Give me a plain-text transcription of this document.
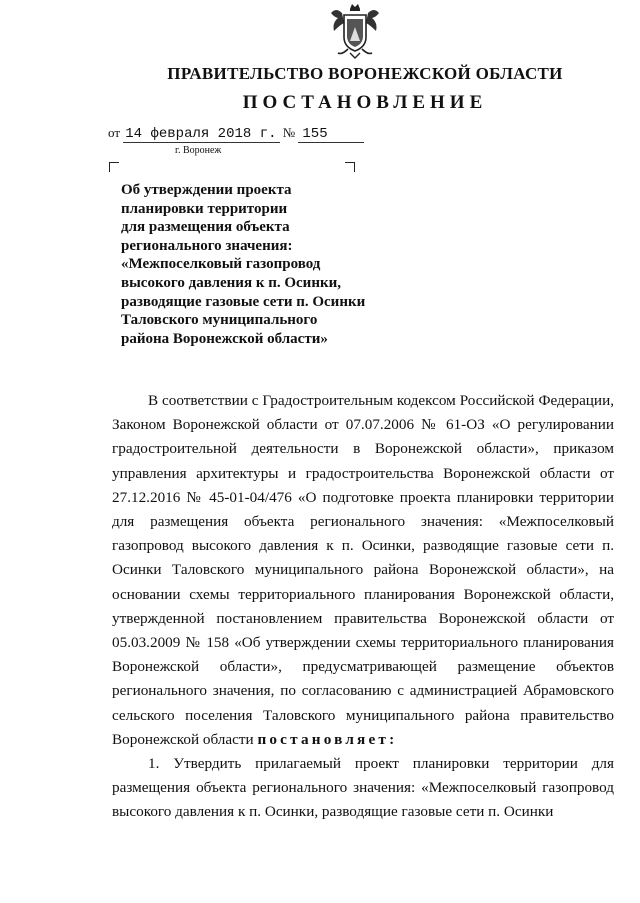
ПРАВИТЕЛЬСТВО ВОРОНЕЖСКОЙ ОБЛАСТИ
ПОСТАНОВЛЕНИЕ
от 14 февраля 2018 г. № 155
г. Воронеж
Об утверждении проекта
планировки территории
для размещения объекта
регионального значения:
«Межпоселковый газопровод
высокого давления к п. Осинки,
разводящие газовые сети п. Осинки
Таловского муниципального
района Воронежской области»

В соответствии с Градостроительным кодексом Российской Федерации, Законом Воронежской области от 07.07.2006 № 61-ОЗ «О регулировании градостроительной деятельности в Воронежской области», приказом управления архитектуры и градостроительства Воронежской области от 27.12.2016 № 45-01-04/476 «О подготовке проекта планировки территории для размещения объекта регионального значения: «Межпоселковый газопровод высокого давления к п. Осинки, разводящие газовые сети п. Осинки Таловского муниципального района Воронежской области», на основании схемы территориального планирования Воронежской области, утвержденной постановлением правительства Воронежской области от 05.03.2009 № 158 «Об утверждении схемы территориального планирования Воронежской области», предусматривающей размещение объектов регионального значения, по согласованию с администрацией Абрамовского сельского поселения Таловского муниципального района правительство Воронежской области постановляет:

1. Утвердить прилагаемый проект планировки территории для размещения объекта регионального значения: «Межпоселковый газопровод высокого давления к п. Осинки, разводящие газовые сети п. Осинки
